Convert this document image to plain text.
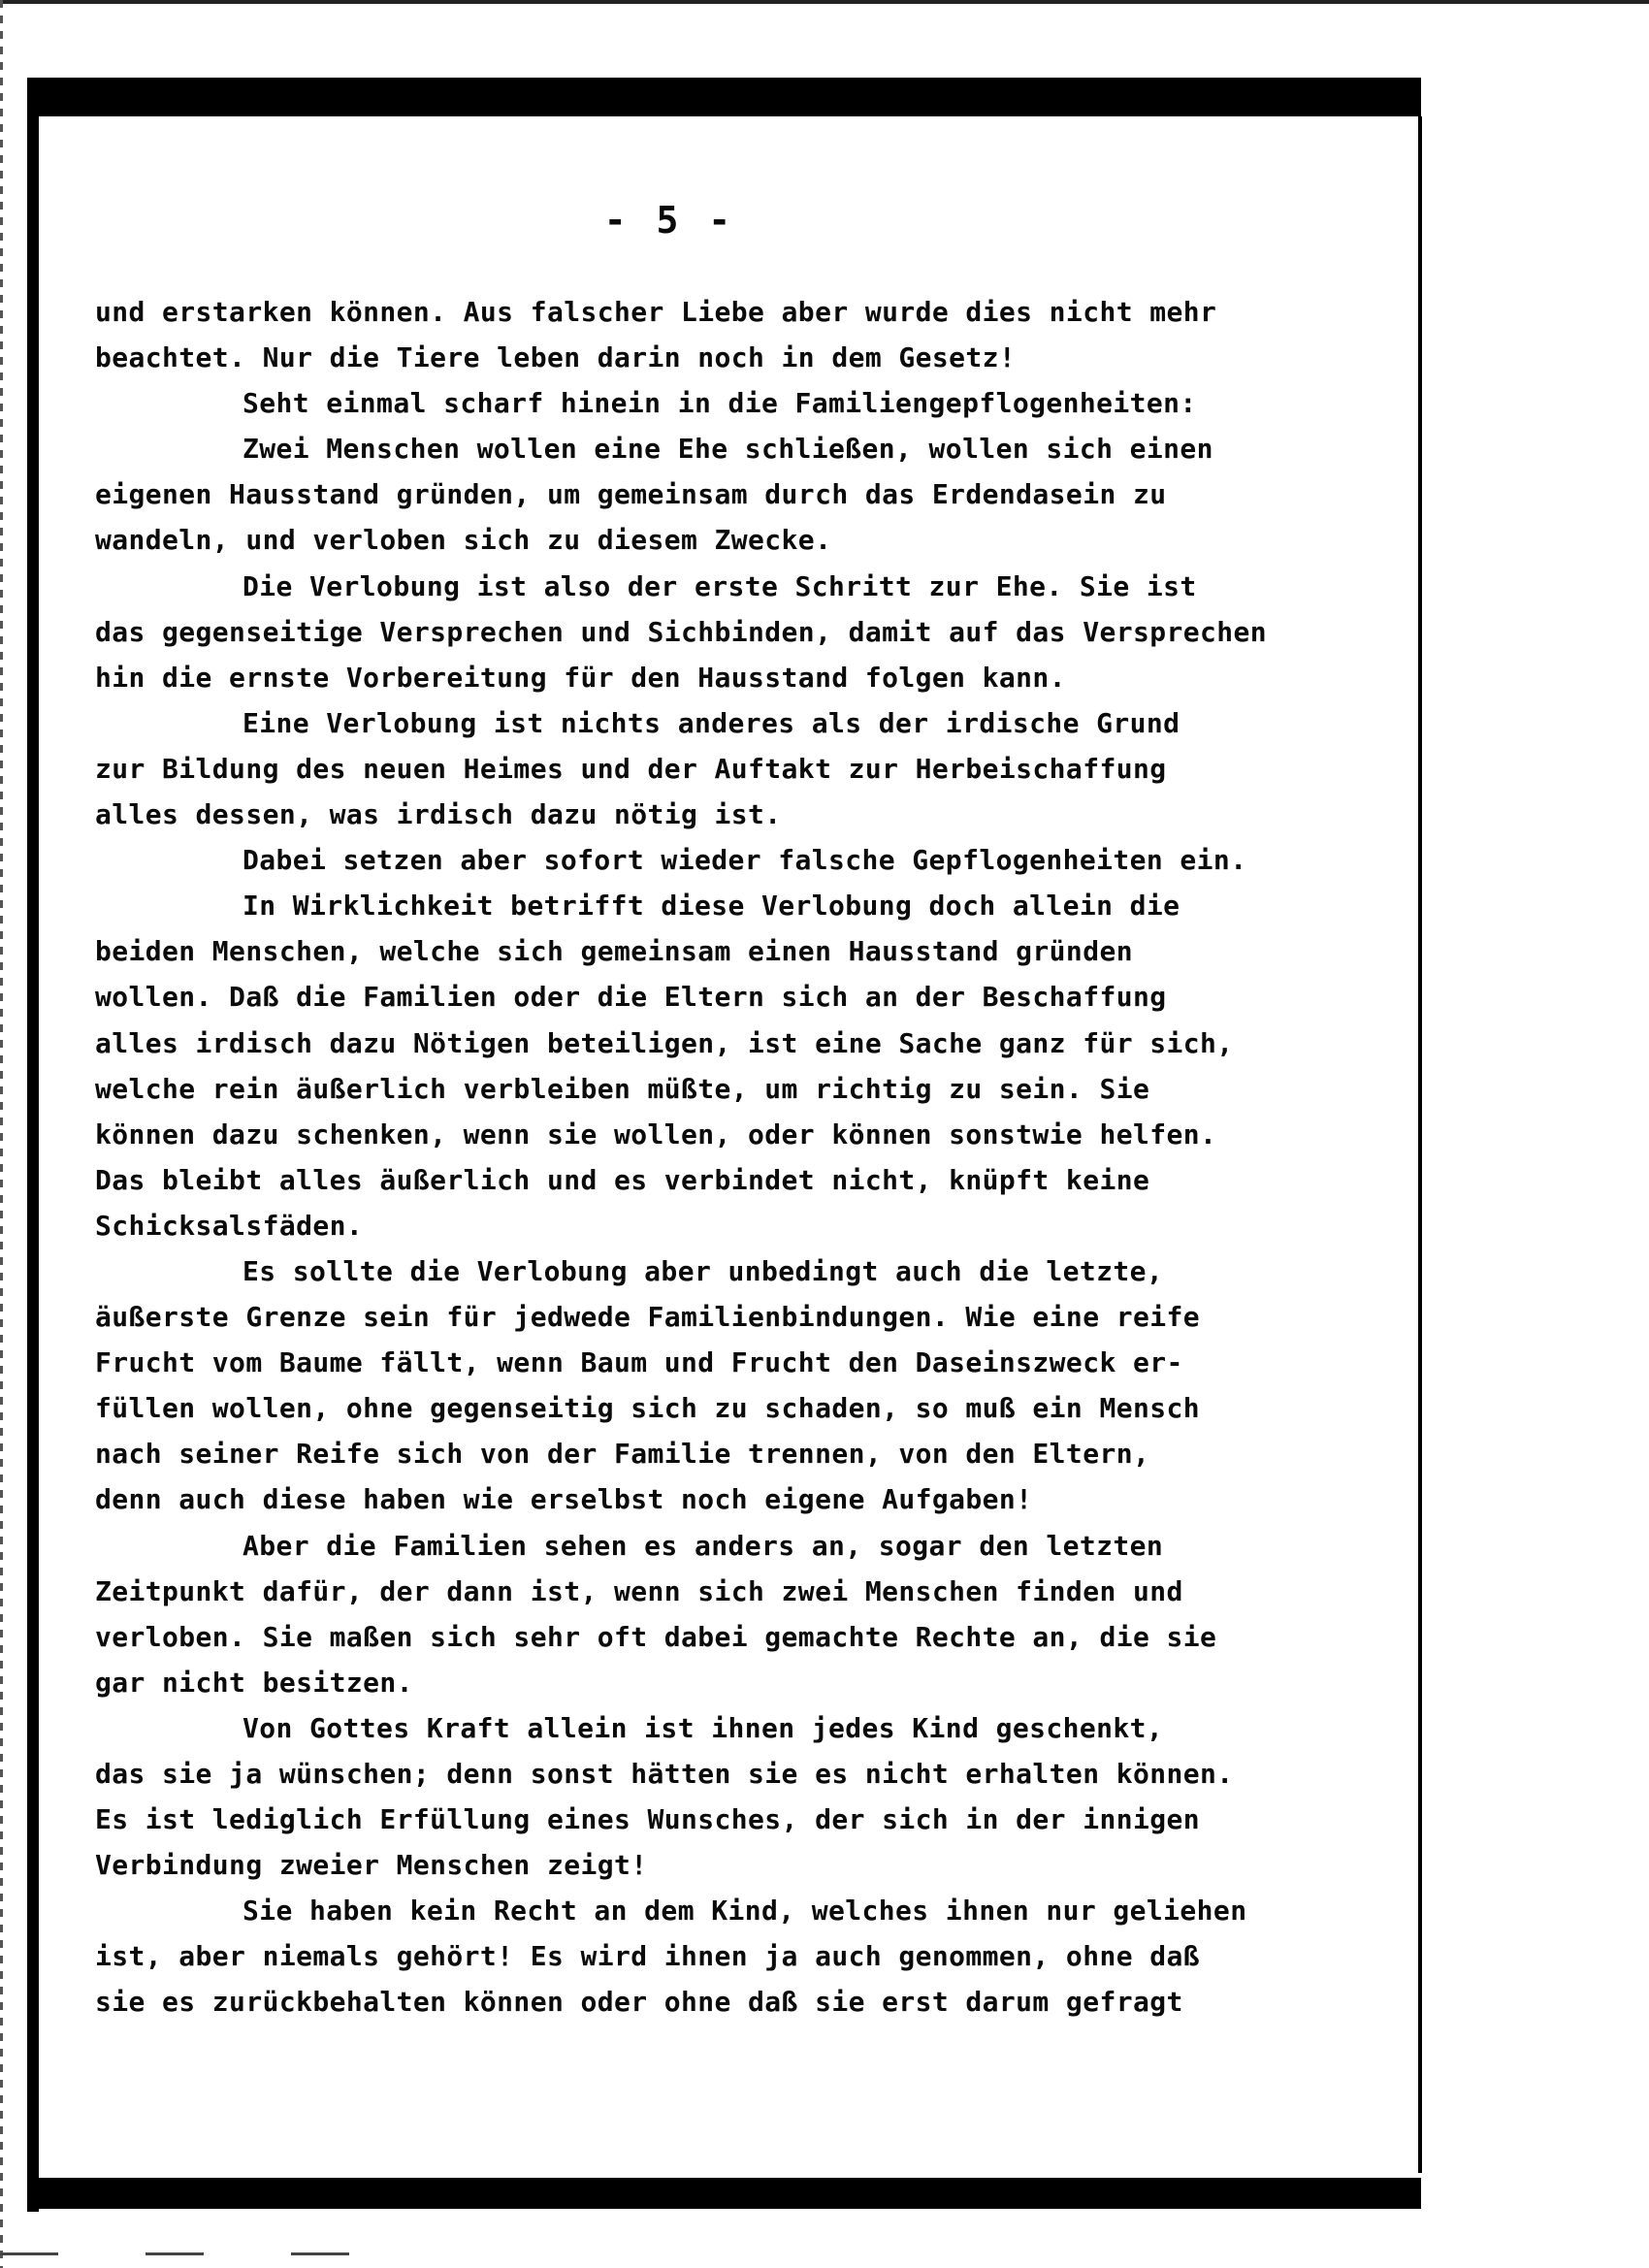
- 5 -
und erstarken können. Aus falscher Liebe aber wurde dies nicht mehr
beachtet. Nur die Tiere leben darin noch in dem Gesetz!
Seht einmal scharf hinein in die Familiengepflogenheiten:
Zwei Menschen wollen eine Ehe schließen, wollen sich einen
eigenen Hausstand gründen, um gemeinsam durch das Erdendasein zu
wandeln, und verloben sich zu diesem Zwecke.
Die Verlobung ist also der erste Schritt zur Ehe. Sie ist
das gegenseitige Versprechen und Sichbinden, damit auf das Versprechen
hin die ernste Vorbereitung für den Hausstand folgen kann.
Eine Verlobung ist nichts anderes als der irdische Grund
zur Bildung des neuen Heimes und der Auftakt zur Herbeischaffung
alles dessen, was irdisch dazu nötig ist.
Dabei setzen aber sofort wieder falsche Gepflogenheiten ein.
In Wirklichkeit betrifft diese Verlobung doch allein die
beiden Menschen, welche sich gemeinsam einen Hausstand gründen
wollen. Daß die Familien oder die Eltern sich an der Beschaffung
alles irdisch dazu Nötigen beteiligen, ist eine Sache ganz für sich,
welche rein äußerlich verbleiben müßte, um richtig zu sein. Sie
können dazu schenken, wenn sie wollen, oder können sonstwie helfen.
Das bleibt alles äußerlich und es verbindet nicht, knüpft keine
Schicksalsfäden.
Es sollte die Verlobung aber unbedingt auch die letzte,
äußerste Grenze sein für jedwede Familienbindungen. Wie eine reife
Frucht vom Baume fällt, wenn Baum und Frucht den Daseinszweck er-
füllen wollen, ohne gegenseitig sich zu schaden, so muß ein Mensch
nach seiner Reife sich von der Familie trennen, von den Eltern,
denn auch diese haben wie erselbst noch eigene Aufgaben!
Aber die Familien sehen es anders an, sogar den letzten
Zeitpunkt dafür, der dann ist, wenn sich zwei Menschen finden und
verloben. Sie maßen sich sehr oft dabei gemachte Rechte an, die sie
gar nicht besitzen.
Von Gottes Kraft allein ist ihnen jedes Kind geschenkt,
das sie ja wünschen; denn sonst hätten sie es nicht erhalten können.
Es ist lediglich Erfüllung eines Wunsches, der sich in der innigen
Verbindung zweier Menschen zeigt!
Sie haben kein Recht an dem Kind, welches ihnen nur geliehen
ist, aber niemals gehört! Es wird ihnen ja auch genommen, ohne daß
sie es zurückbehalten können oder ohne daß sie erst darum gefragt
